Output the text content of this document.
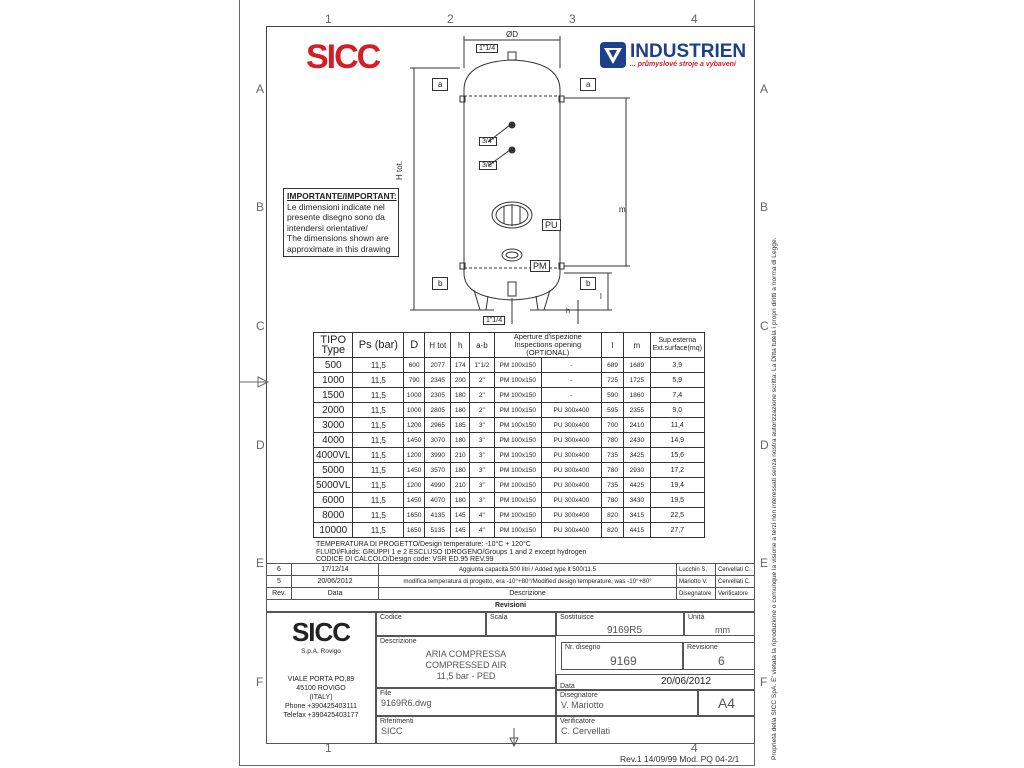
1	2	3	4
1	4
A
B
C
D
E
F
A
B
C
D
E
F
SICC	INDUSTRIEN
... průmyslové stroje a vybavení
IMPORTANTE/IMPORTANT:
Le dimensioni indicate nel
presente disegno sono da
intendersi orientative/
The dimensions shown are
approximate in this drawing
ØD
1"1/4
a	a
3/4"
3/8"
PU
PM
b	b
H tot.
m
l
h
1"1/4
TIPO Type	Ps (bar)	D	H tot	h	a-b	Aperture d'ispezione Inspections opening (OPTIONAL)		l	m	Sup.esterna Ext.surface(mq)
500	11,5	600	2077	174	1"1/2	PM 100x150	-	689	1689	3,9
1000	11,5	790	2345	200	2"	PM 100x150	-	725	1725	5,9
1500	11,5	1000	2305	180	2"	PM 100x150	-	590	1860	7,4
2000	11,5	1000	2805	180	2"	PM 100x150	PU 300x400	595	2355	9,0
3000	11,5	1200	2965	185	3"	PM 100x150	PU 300x400	700	2410	11,4
4000	11,5	1450	3070	180	3"	PM 100x150	PU 300x400	780	2430	14,9
4000VL	11,5	1200	3990	210	3"	PM 100x150	PU 300x400	735	3425	15,6
5000	11,5	1450	3570	180	3"	PM 100x150	PU 300x400	780	2930	17,2
5000VL	11,5	1200	4990	210	3"	PM 100x150	PU 300x400	735	4425	19,4
6000	11,5	1450	4070	180	3"	PM 100x150	PU 300x400	780	3430	19,5
8000	11,5	1650	4135	145	4"	PM 100x150	PU 300x400	820	3415	22,5
10000	11,5	1650	5135	145	4"	PM 100x150	PU 300x400	820	4415	27,7
TEMPERATURA DI PROGETTO/Design temperature: -10°C + 120°C
FLUIDI/Fluids: GRUPPI 1 e 2 ESCLUSO IDROGENO/Groups 1 and 2 except hydrogen
CODICE DI CALCOLO/Design code: VSR ED.95 REV.99
6	17/12/14	Aggiunta capacità 500 litri / Added type lt 500/11.5	Lucchin S.	Cervellati C.
5	20/06/2012	modifica temperatura di progetto, era -10°+80°/Modified design temperature, was -10°+80°	Mariotto V.	Cervellati C.
Rev.	Data	Descrizione	Disegnatore	Verificatore
Revisioni				
SICC
S.p.A. Rovigo
VIALE PORTA PO,89
45100 ROVIGO
(ITALY)
Phone +390425403111
Telefax +390425403177
Codice	Scala	Sostituisce
9169R5
Unità
mm
Descrizione
ARIA COMPRESSA
COMPRESSED AIR
11,5 bar - PED
Nr. disegno
9169
Revisione
6
Data	20/06/2012
File
9169R6.dwg
Disegnatore
V. Mariotto	A4
Riferimenti
SICC
Verificatore
C. Cervellati
Rev.1 14/09/99 Mod. PQ 04-2/1	Proprietà della SICC SpA. E' vietata la riproduzione o comunque la visione a terzi non interessati senza nostra autorizzazione scritta. La Ditta tutela i propri diritti a norma di Legge.
